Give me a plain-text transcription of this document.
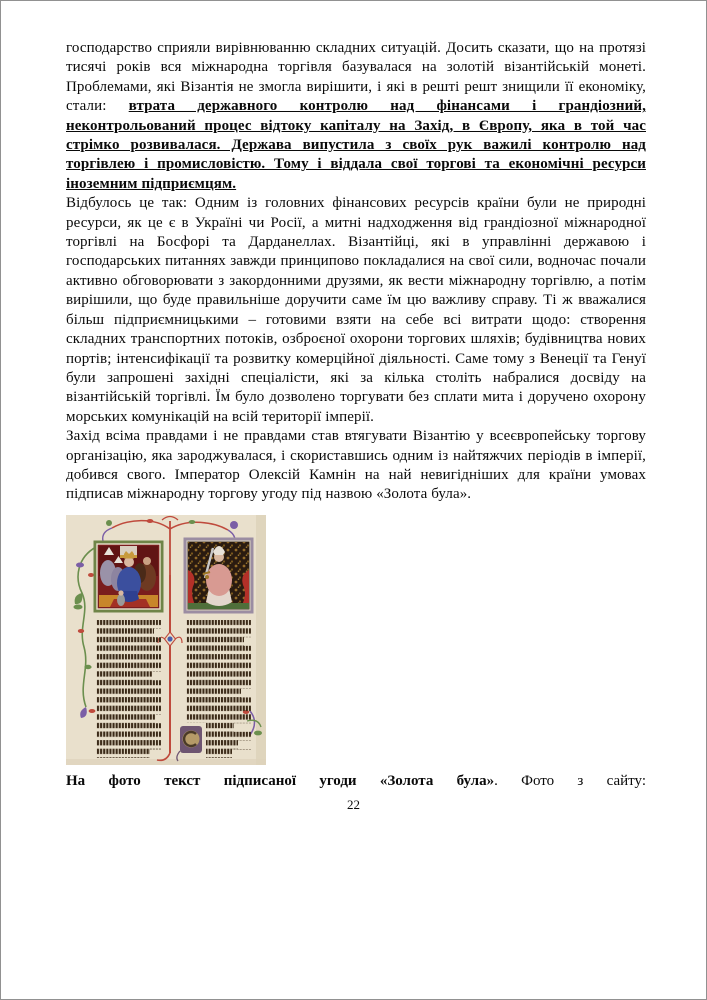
господарство сприяли вирівнюванню складних ситуацій. Досить сказати, що на протязі тисячі років вся міжнародна торгівля базувалася на золотій візантійській монеті. Проблемами, які Візантія не змогла вирішити, і які в решті решт знищили її економіку, стали: втрата державного контролю над фінансами і грандіозний, неконтрольований процес відтоку капіталу на Захід, в Європу, яка в той час стрімко розвивалася. Держава випустила з своїх рук важилі контролю над торгівлею і промисловістю. Тому і віддала свої торгові та економічні ресурси іноземним підприємцям.

Відбулось це так: Одним із головних фінансових ресурсів країни були не природні ресурси, як це є в Україні чи Росії, а митні надходження від грандіозної міжнародної торгівлі на Босфорі та Дарданеллах. Візантійці, які в управлінні державою і господарських питаннях завжди принципово покладалися на свої сили, водночас почали активно обговорювати з закордонними друзями, як вести міжнародну торгівлю, а потім вирішили, що буде правильніше доручити саме їм цю важливу справу. Ті ж вважалися більш підприємницькими – готовими взяти на себе всі витрати щодо: створення складних транспортних потоків, озброєної охорони торгових шляхів; будівництва нових портів; інтенсифікації та розвитку комерційної діяльності. Саме тому з Венеції та Генуї були запрошені західні спеціалісти, які за кілька століть набралися досвіду на візантійській торгівлі. Їм було дозволено торгувати без сплати мита і доручено охорону морських комунікацій на всій території імперії.

Захід всіма правдами і не правдами став втягувати Візантію у всеєвропейську торгову організацію, яка зароджувалася, і скориставшись одним із найтяжчих періодів в імперії, добився свого. Імператор Олексій Камнін на най невигідніших для країни умовах підписав міжнародну торгову угоду під назвою «Золота була».

На фото текст підписаної угоди «Золота була». Фото з сайту:

22
